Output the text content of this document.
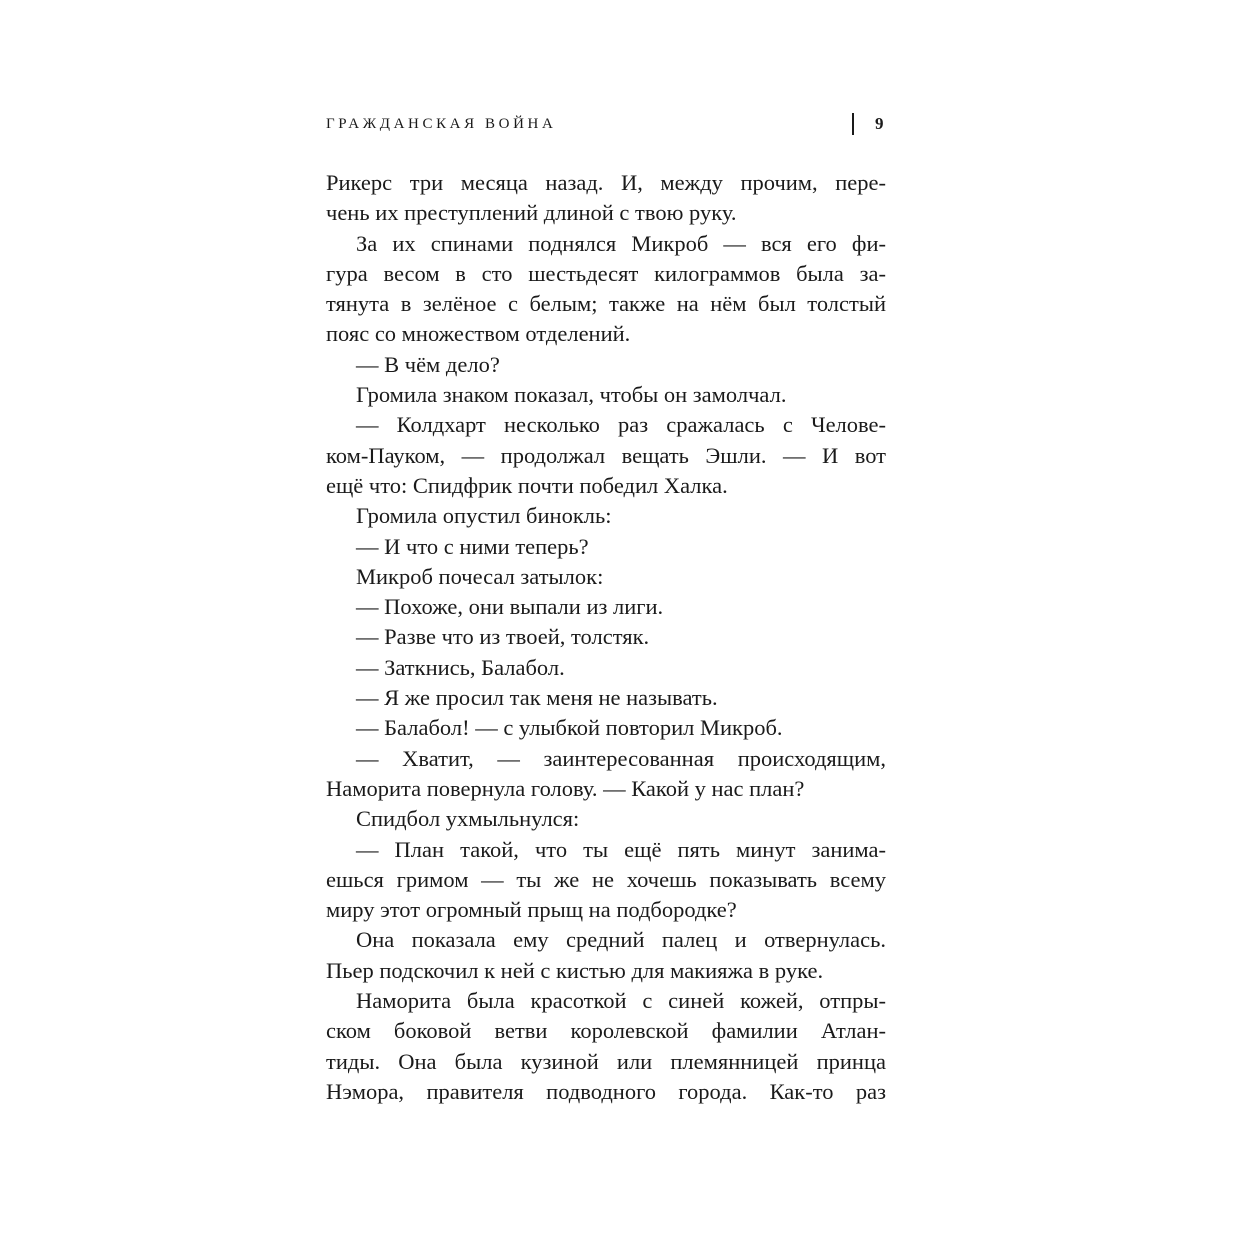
ГРАЖДАНСКАЯ ВОЙНА	9
Рикерс три месяца назад. И, между прочим, пере-
чень их преступлений длиной с твою руку.
За их спинами поднялся Микроб — вся его фи-
гура весом в сто шестьдесят килограммов была за-
тянута в зелёное с белым; также на нём был толстый
пояс со множеством отделений.
— В чём дело?
Громила знаком показал, чтобы он замолчал.
— Колдхарт несколько раз сражалась с Челове-
ком-Пауком, — продолжал вещать Эшли. — И вот
ещё что: Спидфрик почти победил Халка.
Громила опустил бинокль:
— И что с ними теперь?
Микроб почесал затылок:
— Похоже, они выпали из лиги.
— Разве что из твоей, толстяк.
— Заткнись, Балабол.
— Я же просил так меня не называть.
— Балабол! — с улыбкой повторил Микроб.
— Хватит, — заинтересованная происходящим,
Наморита повернула голову. — Какой у нас план?
Спидбол ухмыльнулся:
— План такой, что ты ещё пять минут занима-
ешься гримом — ты же не хочешь показывать всему
миру этот огромный прыщ на подбородке?
Она показала ему средний палец и отвернулась.
Пьер подскочил к ней с кистью для макияжа в руке.
Наморита была красоткой с синей кожей, отпры-
ском боковой ветви королевской фамилии Атлан-
тиды. Она была кузиной или племянницей принца
Нэмора, правителя подводного города. Как-то раз
